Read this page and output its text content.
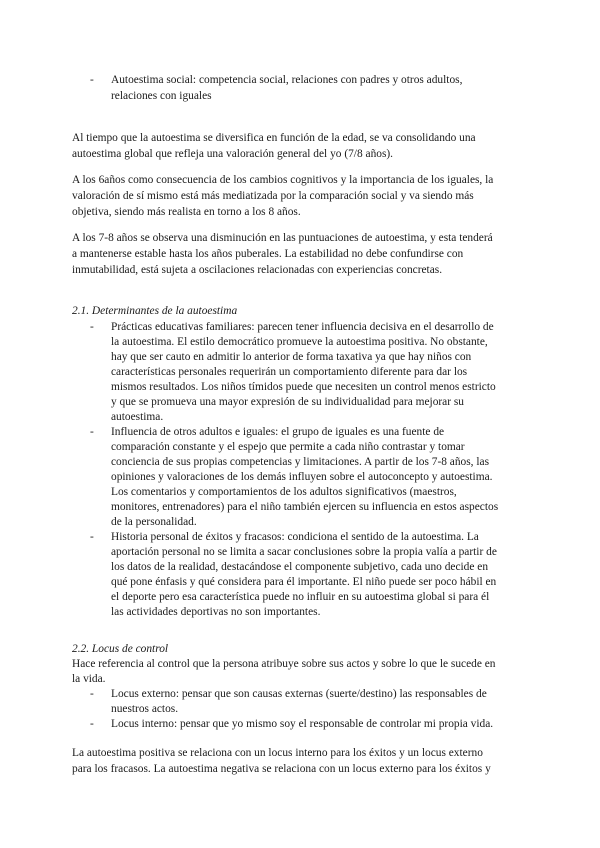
- Autoestima social: competencia social, relaciones con padres y otros adultos,
relaciones con iguales
Al tiempo que la autoestima se diversifica en función de la edad, se va consolidando una
autoestima global que refleja una valoración general del yo (7/8 años).
A los 6años como consecuencia de los cambios cognitivos y la importancia de los iguales, la
valoración de sí mismo está más mediatizada por la comparación social y va siendo más
objetiva, siendo más realista en torno a los 8 años.
A los 7-8 años se observa una disminución en las puntuaciones de autoestima, y esta tenderá
a mantenerse estable hasta los años puberales. La estabilidad no debe confundirse con
inmutabilidad, está sujeta a oscilaciones relacionadas con experiencias concretas.
2.1. Determinantes de la autoestima
- Prácticas educativas familiares: parecen tener influencia decisiva en el desarrollo de
la autoestima. El estilo democrático promueve la autoestima positiva. No obstante,
hay que ser cauto en admitir lo anterior de forma taxativa ya que hay niños con
características personales requerirán un comportamiento diferente para dar los
mismos resultados. Los niños tímidos puede que necesiten un control menos estricto
y que se promueva una mayor expresión de su individualidad para mejorar su
autoestima.
- Influencia de otros adultos e iguales: el grupo de iguales es una fuente de
comparación constante y el espejo que permite a cada niño contrastar y tomar
conciencia de sus propias competencias y limitaciones. A partir de los 7-8 años, las
opiniones y valoraciones de los demás influyen sobre el autoconcepto y autoestima.
Los comentarios y comportamientos de los adultos significativos (maestros,
monitores, entrenadores) para el niño también ejercen su influencia en estos aspectos
de la personalidad.
- Historia personal de éxitos y fracasos: condiciona el sentido de la autoestima. La
aportación personal no se limita a sacar conclusiones sobre la propia valía a partir de
los datos de la realidad, destacándose el componente subjetivo, cada uno decide en
qué pone énfasis y qué considera para él importante. El niño puede ser poco hábil en
el deporte pero esa característica puede no influir en su autoestima global si para él
las actividades deportivas no son importantes.
2.2. Locus de control
Hace referencia al control que la persona atribuye sobre sus actos y sobre lo que le sucede en
la vida.
- Locus externo: pensar que son causas externas (suerte/destino) las responsables de
nuestros actos.
- Locus interno: pensar que yo mismo soy el responsable de controlar mi propia vida.
La autoestima positiva se relaciona con un locus interno para los éxitos y un locus externo
para los fracasos. La autoestima negativa se relaciona con un locus externo para los éxitos y
